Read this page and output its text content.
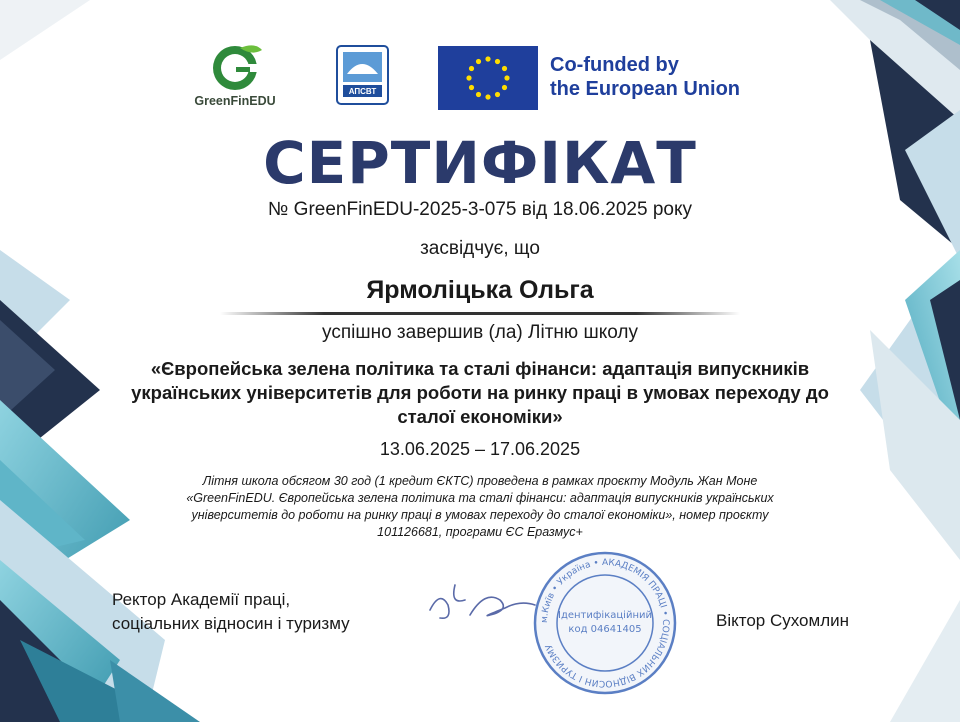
GreenFinEDU
АПСВТ
Co-funded by
the European Union
СЕРТИФІКАТ
№ GreenFinEDU-2025-3-075 від 18.06.2025 року
засвідчує, що
Ярмоліцька Ольга
успішно завершив (ла) Літню школу
«Європейська зелена політика та сталі фінанси: адаптація випускників
українських університетів для роботи на ринку праці в умовах переходу до
сталої економіки»
13.06.2025 – 17.06.2025
Літня школа обсягом 30 год (1 кредит ЄКТС) проведена в рамках проєкту Модуль Жан Моне
«GreenFinEDU. Європейська зелена політика та сталі фінанси: адаптація випускників українських
університетів до роботи на ринку праці в умовах переходу до сталої економіки», номер проєкту
101126681, програми ЄС Еразмус+
Ректор Академії праці,
соціальних відносин і туризму	м.Київ • Україна • АКАДЕМІЯ ПРАЦІ • СОЦІАЛЬНИХ ВІДНОСИН І ТУРИЗМУ
Ідентифікаційний
код 04641405	Віктор Сухомлин
